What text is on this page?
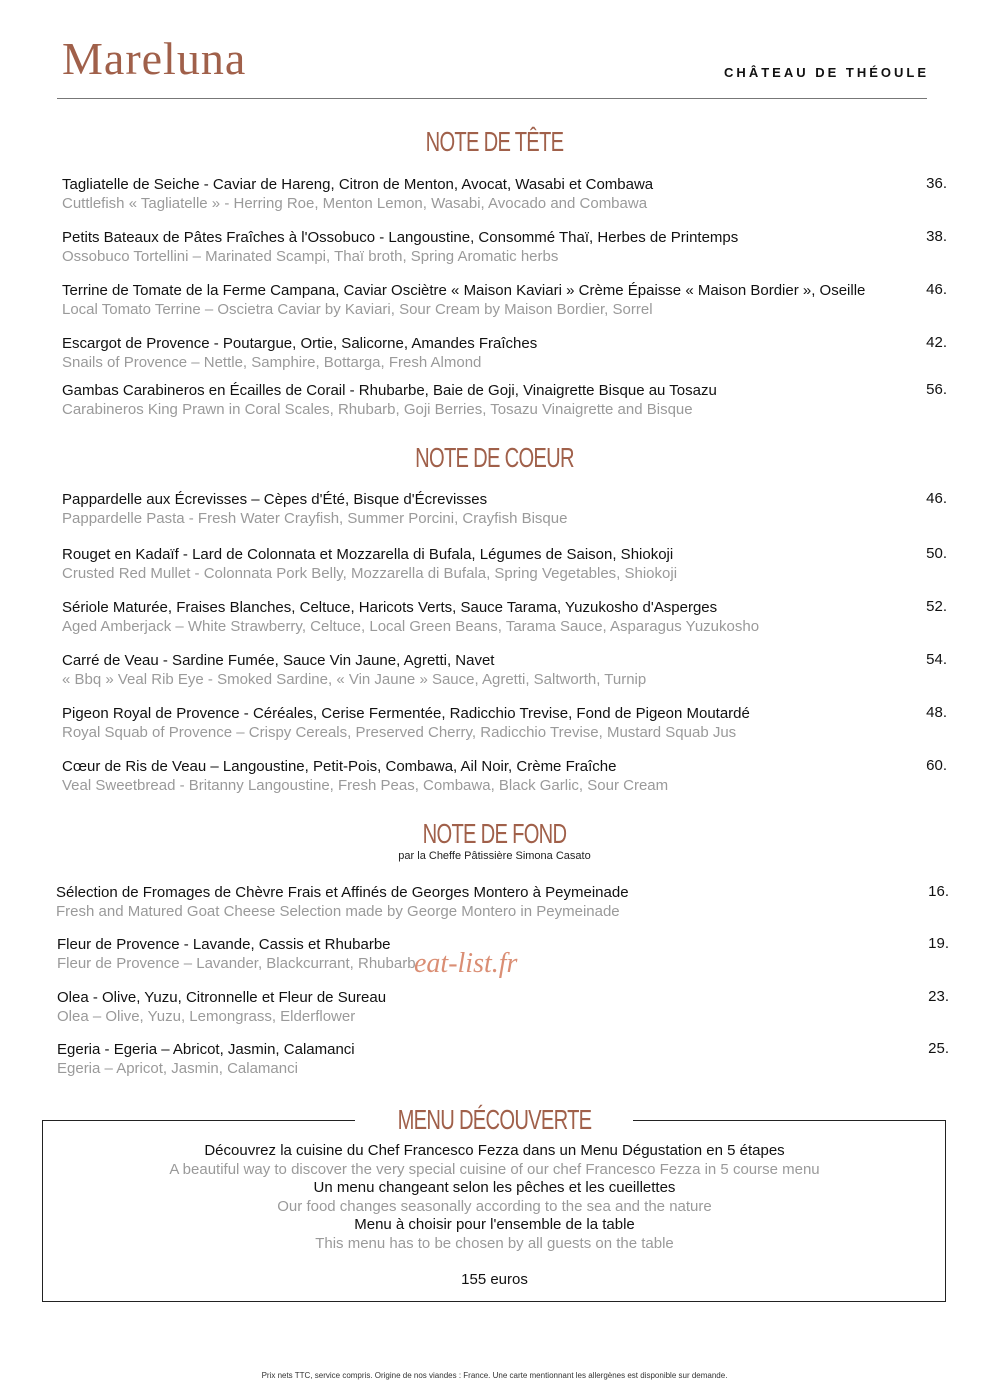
Mareluna	CHÂTEAU DE THÉOULE
NOTE DE TÊTE
Tagliatelle de Seiche - Caviar de Hareng, Citron de Menton, Avocat, Wasabi et Combawa
Cuttlefish « Tagliatelle » - Herring Roe, Menton Lemon, Wasabi, Avocado and Combawa
36.
Petits Bateaux de Pâtes Fraîches à l'Ossobuco - Langoustine, Consommé Thaï, Herbes de Printemps
Ossobuco Tortellini – Marinated Scampi, Thaï broth, Spring Aromatic herbs
38.
Terrine de Tomate de la Ferme Campana, Caviar Osciètre « Maison Kaviari » Crème Épaisse « Maison Bordier », Oseille
Local Tomato Terrine – Oscietra Caviar by Kaviari, Sour Cream by Maison Bordier, Sorrel
46.
Escargot de Provence - Poutargue, Ortie, Salicorne, Amandes Fraîches
Snails of Provence – Nettle, Samphire, Bottarga, Fresh Almond
42.
Gambas Carabineros en Écailles de Corail - Rhubarbe, Baie de Goji, Vinaigrette Bisque au Tosazu
Carabineros King Prawn in Coral Scales, Rhubarb, Goji Berries, Tosazu Vinaigrette and Bisque
56.
NOTE DE COEUR
Pappardelle aux Écrevisses – Cèpes d'Été, Bisque d'Écrevisses
Pappardelle Pasta - Fresh Water Crayfish, Summer Porcini, Crayfish Bisque
46.
Rouget en Kadaïf - Lard de Colonnata et Mozzarella di Bufala, Légumes de Saison, Shiokoji
Crusted Red Mullet - Colonnata Pork Belly, Mozzarella di Bufala, Spring Vegetables, Shiokoji
50.
Sériole Maturée, Fraises Blanches, Celtuce, Haricots Verts, Sauce Tarama, Yuzukosho d'Asperges
Aged Amberjack – White Strawberry, Celtuce, Local Green Beans, Tarama Sauce, Asparagus Yuzukosho
52.
Carré de Veau - Sardine Fumée, Sauce Vin Jaune, Agretti, Navet
« Bbq » Veal Rib Eye - Smoked Sardine, « Vin Jaune » Sauce, Agretti, Saltworth, Turnip
54.
Pigeon Royal de Provence - Céréales, Cerise Fermentée, Radicchio Trevise, Fond de Pigeon Moutardé
Royal Squab of Provence – Crispy Cereals, Preserved Cherry, Radicchio Trevise, Mustard Squab Jus
48.
Cœur de Ris de Veau – Langoustine, Petit-Pois, Combawa, Ail Noir, Crème Fraîche
Veal Sweetbread - Britanny Langoustine, Fresh Peas, Combawa, Black Garlic, Sour Cream
60.
NOTE DE FOND
par la Cheffe Pâtissière Simona Casato
Sélection de Fromages de Chèvre Frais et Affinés de Georges Montero à Peymeinade
Fresh and Matured Goat Cheese Selection made by George Montero in Peymeinade
16.
Fleur de Provence - Lavande, Cassis et Rhubarbe
Fleur de Provence – Lavander, Blackcurrant, Rhubarb
19.
Olea - Olive, Yuzu, Citronnelle et Fleur de Sureau
Olea – Olive, Yuzu, Lemongrass, Elderflower
23.
Egeria - Egeria – Abricot, Jasmin, Calamanci
Egeria – Apricot, Jasmin, Calamanci
25.
eat-list.fr
MENU DÉCOUVERTE
Découvrez la cuisine du Chef Francesco Fezza dans un Menu Dégustation en 5 étapes
A beautiful way to discover the very special cuisine of our chef Francesco Fezza in 5 course menu
Un menu changeant selon les pêches et les cueillettes
Our food changes seasonally according to the sea and the nature
Menu à choisir pour l'ensemble de la table
This menu has to be chosen by all guests on the table
155 euros
Prix nets TTC, service compris. Origine de nos viandes : France. Une carte mentionnant les allergènes est disponible sur demande.
